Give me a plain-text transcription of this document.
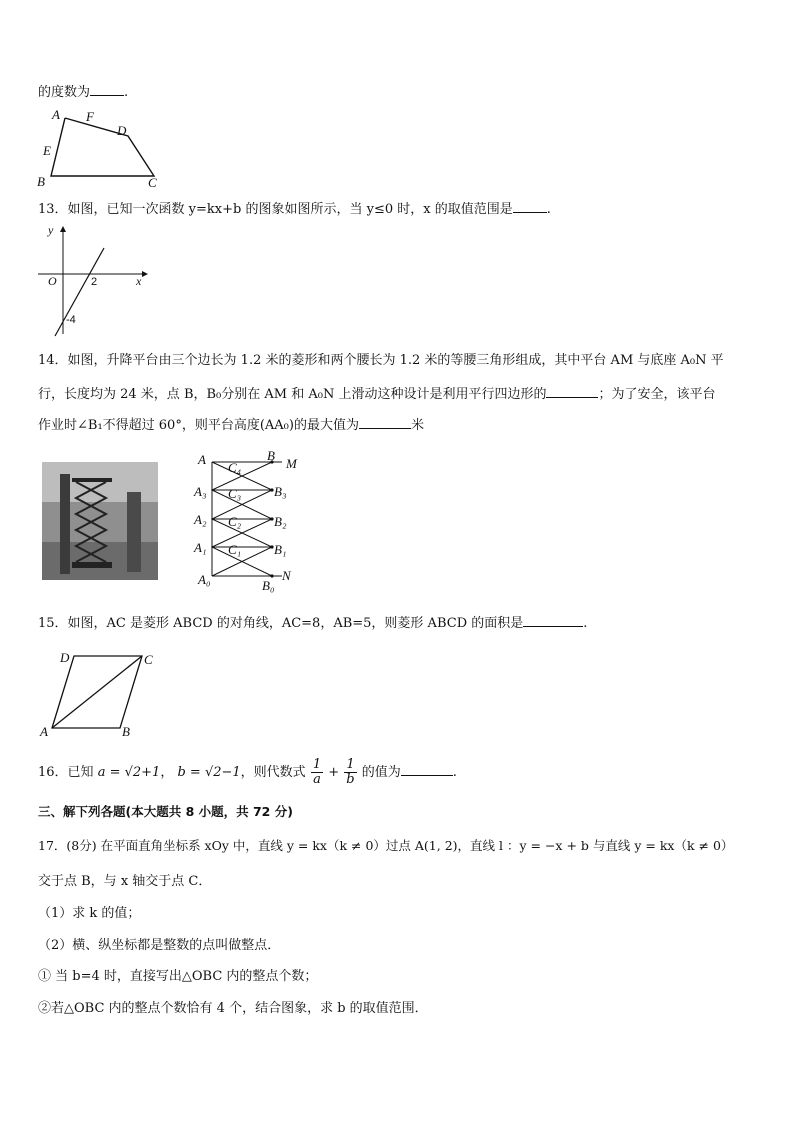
的度数为	.
A F
D
E
B	C
13．如图，已知一次函数 y=kx+b 的图象如图所示，当 y≤0 时，x 的取值范围是	.
y
x
O	2
-4
14．如图，升降平台由三个边长为 1.2 米的菱形和两个腰长为 1.2 米的等腰三角形组成，其中平台 AM 与底座 A₀N 平
行，长度均为 24 米，点 B，B₀分别在 AM 和 A₀N 上滑动这种设计是利用平行四边形的	；为了安全，该平台
作业时∠B₁不得超过 60°，则平台高度(AA₀)的最大值为	米
A	B
M
C₄
A₃ C₃	B₃
A₂ C₂	B₂
A₁ C₁	B₁
A₀	N
B₀
15．如图，AC 是菱形 ABCD 的对角线，AC=8，AB=5，则菱形 ABCD 的面积是	.
D	C
A	B
16．已知 a = √2+1， b = √2−1，则代数式 $\frac{1}{a} + \frac{1}{b}$ 的值为	.
三、解下列各题(本大题共 8 小题，共 72 分)
17．(8分) 在平面直角坐标系 xOy 中，直线 y = kx（k ≠ 0）过点 A(1, 2)，直线 l ：y = −x + b 与直线 y = kx（k ≠ 0）
交于点 B，与 x 轴交于点 C．
（1）求 k 的值；
（2）横、纵坐标都是整数的点叫做整点．
① 当 b=4 时，直接写出△OBC 内的整点个数；
②若△OBC 内的整点个数恰有 4 个，结合图象，求 b 的取值范围．
